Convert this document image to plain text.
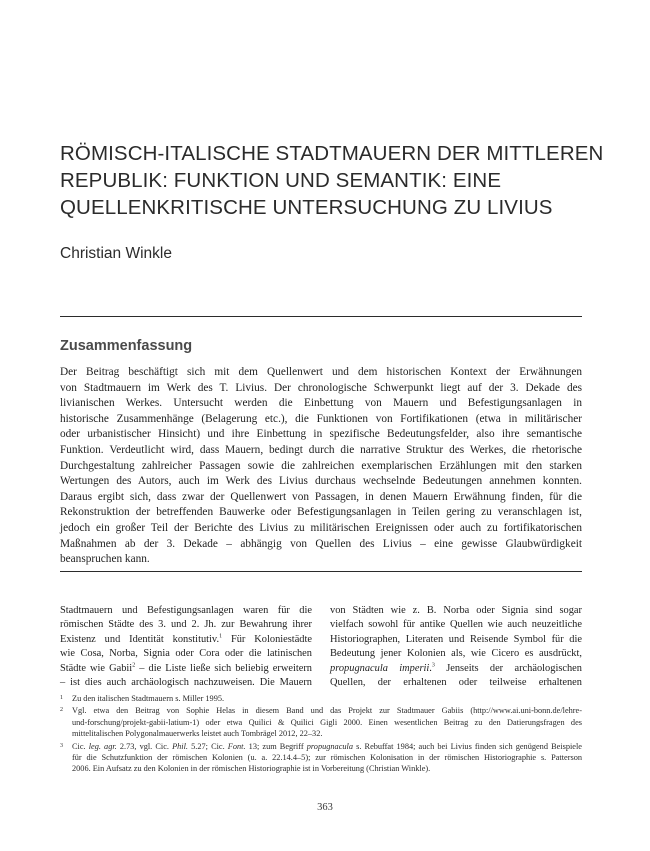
RÖMISCH-ITALISCHE STADTMAUERN DER MITTLEREN
REPUBLIK: FUNKTION UND SEMANTIK: EINE
QUELLENKRITISCHE UNTERSUCHUNG ZU LIVIUS

Christian Winkle

Zusammenfassung
Der Beitrag beschäftigt sich mit dem Quellenwert und dem historischen Kontext der Erwähnungen
von Stadtmauern im Werk des T. Livius. Der chronologische Schwerpunkt liegt auf der 3. Dekade des
livianischen Werkes. Untersucht werden die Einbettung von Mauern und Befestigungsanlagen in
historische Zusammenhänge (Belagerung etc.), die Funktionen von Fortifikationen (etwa in militärischer
oder urbanistischer Hinsicht) und ihre Einbettung in spezifische Bedeutungsfelder, also ihre semantische
Funktion. Verdeutlicht wird, dass Mauern, bedingt durch die narrative Struktur des Werkes, die rhetorische
Durchgestaltung zahlreicher Passagen sowie die zahlreichen exemplarischen Erzählungen mit den starken
Wertungen des Autors, auch im Werk des Livius durchaus wechselnde Bedeutungen annehmen konnten.
Daraus ergibt sich, dass zwar der Quellenwert von Passagen, in denen Mauern Erwähnung finden, für die
Rekonstruktion der betreffenden Bauwerke oder Befestigungsanlagen in Teilen gering zu veranschlagen ist,
jedoch ein großer Teil der Berichte des Livius zu militärischen Ereignissen oder auch zu fortifikatorischen
Maßnahmen ab der 3. Dekade – abhängig von Quellen des Livius – eine gewisse Glaubwürdigkeit
beanspruchen kann.
Stadtmauern und Befestigungsanlagen waren für die
römischen Städte des 3. und 2. Jh. zur Bewahrung ihrer
Existenz und Identität konstitutiv.$^1$ Für Koloniestädte
wie Cosa, Norba, Signia oder Cora oder die latinischen
Städte wie Gabii$^2$ – die Liste ließe sich beliebig erweitern
– ist dies auch archäologisch nachzuweisen. Die Mauern
von Städten wie z. B. Norba oder Signia sind sogar
vielfach sowohl für antike Quellen wie auch neuzeitliche
Historiographen, Literaten und Reisende Symbol für die
Bedeutung jener Kolonien als, wie Cicero es ausdrückt,
propugnacula imperii.$^3$ Jenseits der archäologischen
Quellen, der erhaltenen oder teilweise erhaltenen
1 Zu den italischen Stadtmauern s. Miller 1995.
2 Vgl. etwa den Beitrag von Sophie Helas in diesem Band und das Projekt zur Stadtmauer Gabiis (http://www.ai.uni-bonn.de/lehre-
und-forschung/projekt-gabii-latium-1) oder etwa Quilici & Quilici Gigli 2000. Einen wesentlichen Beitrag zu den Datierungsfragen des
mittelitalischen Polygonalmauerwerks leistet auch Tombrägel 2012, 22–32.
3 Cic. leg. agr. 2.73, vgl. Cic. Phil. 5.27; Cic. Font. 13; zum Begriff propugnacula s. Rebuffat 1984; auch bei Livius finden sich genügend Beispiele
für die Schutzfunktion der römischen Kolonien (u. a. 22.14.4–5); zur römischen Kolonisation in der römischen Historiographie s. Patterson
2006. Ein Aufsatz zu den Kolonien in der römischen Historiographie ist in Vorbereitung (Christian Winkle).
363
